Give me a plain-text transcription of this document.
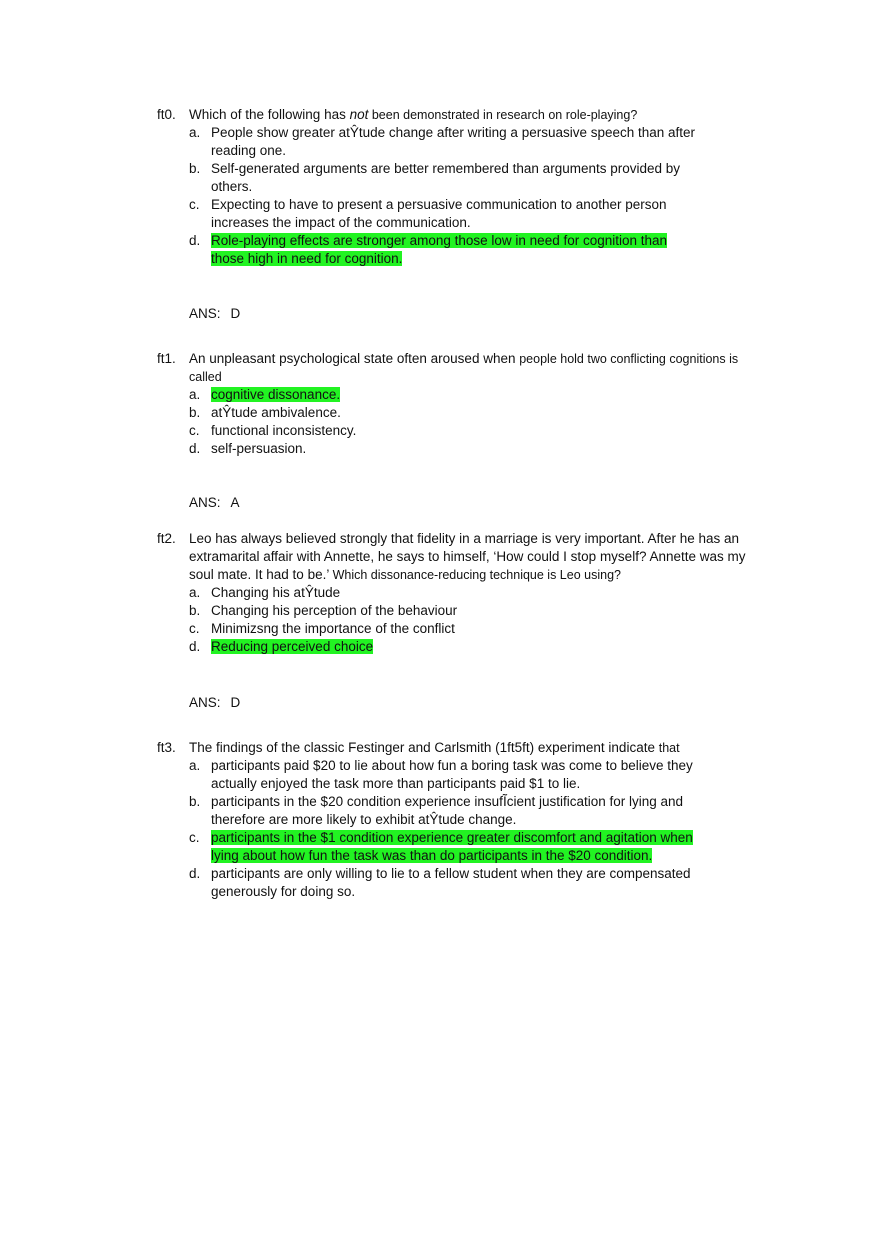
ft0. Which of the following has not been demonstrated in research on role-playing?
a. People show greater atŶtude change after writing a persuasive speech than after reading one.
b. Self-generated arguments are better remembered than arguments provided by others.
c. Expecting to have to present a persuasive communication to another person increases the impact of the communication.
d. Role-playing effects are stronger among those low in need for cognition than those high in need for cognition.
ANS: D
ft1. An unpleasant psychological state often aroused when people hold two conflicting cognitions is called
a. cognitive dissonance.
b. atŶtude ambivalence.
c. functional inconsistency.
d. self-persuasion.
ANS: A
ft2. Leo has always believed strongly that fidelity in a marriage is very important. After he has an extramarital affair with Annette, he says to himself, ‘How could I stop myself? Annette was my soul mate. It had to be.’ Which dissonance-reducing technique is Leo using?
a. Changing his atŶtude
b. Changing his perception of the behaviour
c. Minimizsng the importance of the conflict
d. Reducing perceived choice
ANS: D
ft3. The findings of the classic Festinger and Carlsmith (1ft5ft) experiment indicate that
a. participants paid $20 to lie about how fun a boring task was come to believe they actually enjoyed the task more than participants paid $1 to lie.
b. participants in the $20 condition experience insufĨcient justification for lying and therefore are more likely to exhibit atŶtude change.
c. participants in the $1 condition experience greater discomfort and agitation when lying about how fun the task was than do participants in the $20 condition.
d. participants are only willing to lie to a fellow student when they are compensated generously for doing so.
